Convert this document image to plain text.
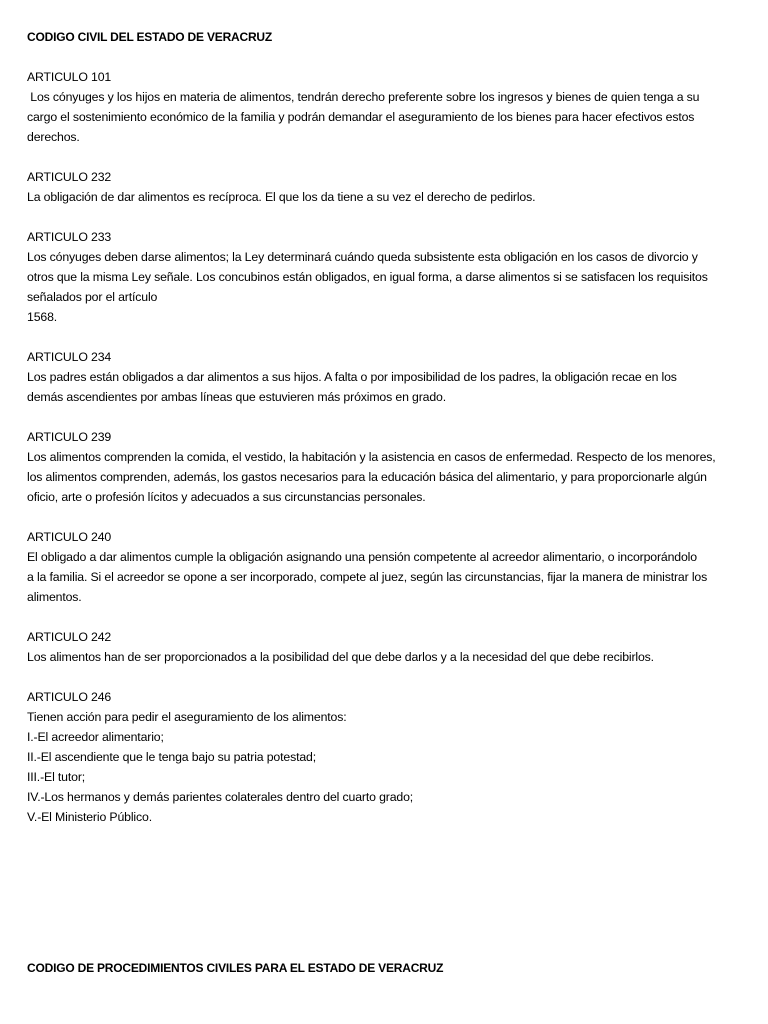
CODIGO CIVIL DEL ESTADO DE VERACRUZ
ARTICULO 101
Los cónyuges y los hijos en materia de alimentos, tendrán derecho preferente sobre los ingresos y bienes de quien tenga a su
cargo el sostenimiento económico de la familia y podrán demandar el aseguramiento de los bienes para hacer efectivos estos
derechos.
ARTICULO 232
La obligación de dar alimentos es recíproca. El que los da tiene a su vez el derecho de pedirlos.
ARTICULO 233
Los cónyuges deben darse alimentos; la Ley determinará cuándo queda subsistente esta obligación en los casos de divorcio y
otros que la misma Ley señale. Los concubinos están obligados, en igual forma, a darse alimentos si se satisfacen los requisitos
señalados por el artículo
1568.
ARTICULO 234
Los padres están obligados a dar alimentos a sus hijos. A falta o por imposibilidad de los padres, la obligación recae en los
demás ascendientes por ambas líneas que estuvieren más próximos en grado.
ARTICULO 239
Los alimentos comprenden la comida, el vestido, la habitación y la asistencia en casos de enfermedad. Respecto de los menores,
los alimentos comprenden, además, los gastos necesarios para la educación básica del alimentario, y para proporcionarle algún
oficio, arte o profesión lícitos y adecuados a sus circunstancias personales.
ARTICULO 240
El obligado a dar alimentos cumple la obligación asignando una pensión competente al acreedor alimentario, o incorporándolo
a la familia. Si el acreedor se opone a ser incorporado, compete al juez, según las circunstancias, fijar la manera de ministrar los
alimentos.
ARTICULO 242
Los alimentos han de ser proporcionados a la posibilidad del que debe darlos y a la necesidad del que debe recibirlos.
ARTICULO 246
Tienen acción para pedir el aseguramiento de los alimentos:
I.-El acreedor alimentario;
II.-El ascendiente que le tenga bajo su patria potestad;
III.-El tutor;
IV.-Los hermanos y demás parientes colaterales dentro del cuarto grado;
V.-El Ministerio Público.
CODIGO DE PROCEDIMIENTOS CIVILES PARA EL ESTADO DE VERACRUZ
